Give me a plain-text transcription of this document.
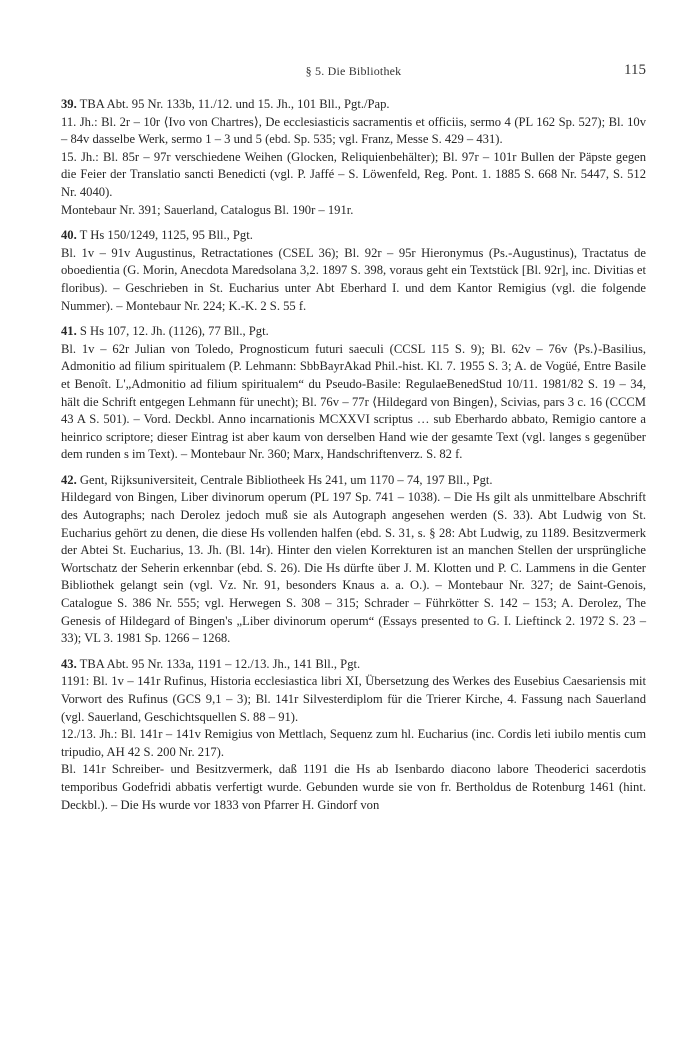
§ 5. Die Bibliothek	115

39. TBA Abt. 95 Nr. 133b, 11./12. und 15. Jh., 101 Bll., Pgt./Pap.

11. Jh.: Bl. 2r – 10r ⟨Ivo von Chartres⟩, De ecclesiasticis sacramentis et officiis, sermo 4 (PL 162 Sp. 527); Bl. 10v – 84v dasselbe Werk, sermo 1 – 3 und 5 (ebd. Sp. 535; vgl. Franz, Messe S. 429 – 431).

15. Jh.: Bl. 85r – 97r verschiedene Weihen (Glocken, Reliquienbehälter); Bl. 97r – 101r Bullen der Päpste gegen die Feier der Translatio sancti Benedicti (vgl. P. Jaffé – S. Löwenfeld, Reg. Pont. 1. 1885 S. 668 Nr. 5447, S. 512 Nr. 4040).

Montebaur Nr. 391; Sauerland, Catalogus Bl. 190r – 191r.

40. T Hs 150/1249, 1125, 95 Bll., Pgt.

Bl. 1v – 91v Augustinus, Retractationes (CSEL 36); Bl. 92r – 95r Hieronymus (Ps.-Augustinus), Tractatus de oboedientia (G. Morin, Anecdota Maredsolana 3,2. 1897 S. 398, voraus geht ein Textstück [Bl. 92r], inc. Divitias et floribus). – Geschrieben in St. Eucharius unter Abt Eberhard I. und dem Kantor Remigius (vgl. die folgende Nummer). – Montebaur Nr. 224; K.-K. 2 S. 55 f.

41. S Hs 107, 12. Jh. (1126), 77 Bll., Pgt.

Bl. 1v – 62r Julian von Toledo, Prognosticum futuri saeculi (CCSL 115 S. 9); Bl. 62v – 76v ⟨Ps.⟩-Basilius, Admonitio ad filium spiritualem (P. Lehmann: SbbBayrAkad Phil.-hist. Kl. 7. 1955 S. 3; A. de Vogüé, Entre Basile et Benoît. L'„Admonitio ad filium spiritualem“ du Pseudo-Basile: RegulaeBenedStud 10/11. 1981/82 S. 19 – 34, hält die Schrift entgegen Lehmann für unecht); Bl. 76v – 77r ⟨Hildegard von Bingen⟩, Scivias, pars 3 c. 16 (CCCM 43 A S. 501). – Vord. Deckbl. Anno incarnationis MCXXVI scriptus … sub Eberhardo abbato, Remigio cantore a heinrico scriptore; dieser Eintrag ist aber kaum von derselben Hand wie der gesamte Text (vgl. langes s gegenüber dem runden s im Text). – Montebaur Nr. 360; Marx, Handschriftenverz. S. 82 f.

42. Gent, Rijksuniversiteit, Centrale Bibliotheek Hs 241, um 1170 – 74, 197 Bll., Pgt.

Hildegard von Bingen, Liber divinorum operum (PL 197 Sp. 741 – 1038). – Die Hs gilt als unmittelbare Abschrift des Autographs; nach Derolez jedoch muß sie als Autograph angesehen werden (S. 33). Abt Ludwig von St. Eucharius gehört zu denen, die diese Hs vollenden halfen (ebd. S. 31, s. § 28: Abt Ludwig, zu 1189. Besitzvermerk der Abtei St. Eucharius, 13. Jh. (Bl. 14r). Hinter den vielen Korrekturen ist an manchen Stellen der ursprüngliche Wortschatz der Seherin erkennbar (ebd. S. 26). Die Hs dürfte über J. M. Klotten und P. C. Lammens in die Genter Bibliothek gelangt sein (vgl. Vz. Nr. 91, besonders Knaus a. a. O.). – Montebaur Nr. 327; de Saint-Genois, Catalogue S. 386 Nr. 555; vgl. Herwegen S. 308 – 315; Schrader – Führkötter S. 142 – 153; A. Derolez, The Genesis of Hildegard of Bingen's „Liber divinorum operum“ (Essays presented to G. I. Lieftinck 2. 1972 S. 23 – 33); VL 3. 1981 Sp. 1266 – 1268.

43. TBA Abt. 95 Nr. 133a, 1191 – 12./13. Jh., 141 Bll., Pgt.

1191: Bl. 1v – 141r Rufinus, Historia ecclesiastica libri XI, Übersetzung des Werkes des Eusebius Caesariensis mit Vorwort des Rufinus (GCS 9,1 – 3); Bl. 141r Silvesterdiplom für die Trierer Kirche, 4. Fassung nach Sauerland (vgl. Sauerland, Geschichtsquellen S. 88 – 91).

12./13. Jh.: Bl. 141r – 141v Remigius von Mettlach, Sequenz zum hl. Eucharius (inc. Cordis leti iubilo mentis cum tripudio, AH 42 S. 200 Nr. 217).

Bl. 141r Schreiber- und Besitzvermerk, daß 1191 die Hs ab Isenbardo diacono labore Theoderici sacerdotis temporibus Godefridi abbatis verfertigt wurde. Gebunden wurde sie von fr. Bertholdus de Rotenburg 1461 (hint. Deckbl.). – Die Hs wurde vor 1833 von Pfarrer H. Gindorf von
